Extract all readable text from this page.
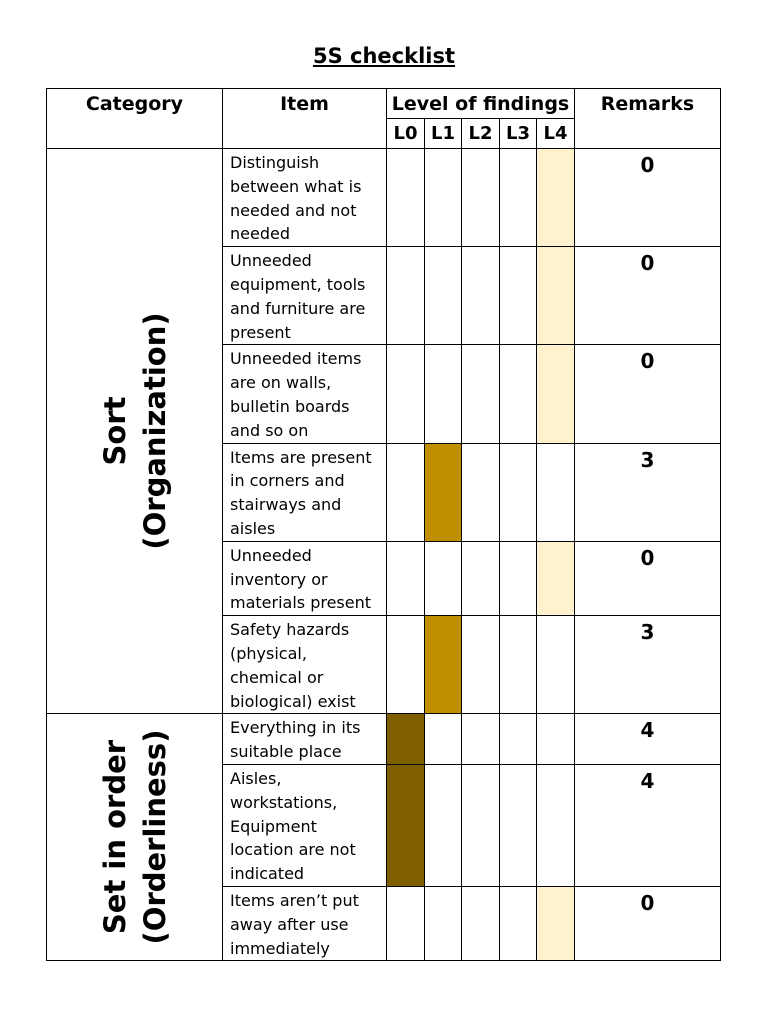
5S checklist
Category	Item	Level of findings					Remarks
		L0	L1	L2	L3	L4	

Sort (Organization)	Distinguish
between what is
needed and not
needed						0

	Unneeded
equipment, tools
and furniture are
present						0

	Unneeded items
are on walls,
bulletin boards
and so on						0

	Items are present
in corners and
stairways and
aisles						3

	Unneeded
inventory or
materials present						0

	Safety hazards
(physical,
chemical or
biological) exist						3

Set in order (Orderliness)	Everything in its
suitable place						4

	Aisles,
workstations,
Equipment
location are not
indicated						4

	Items aren’t put
away after use
immediately						0
